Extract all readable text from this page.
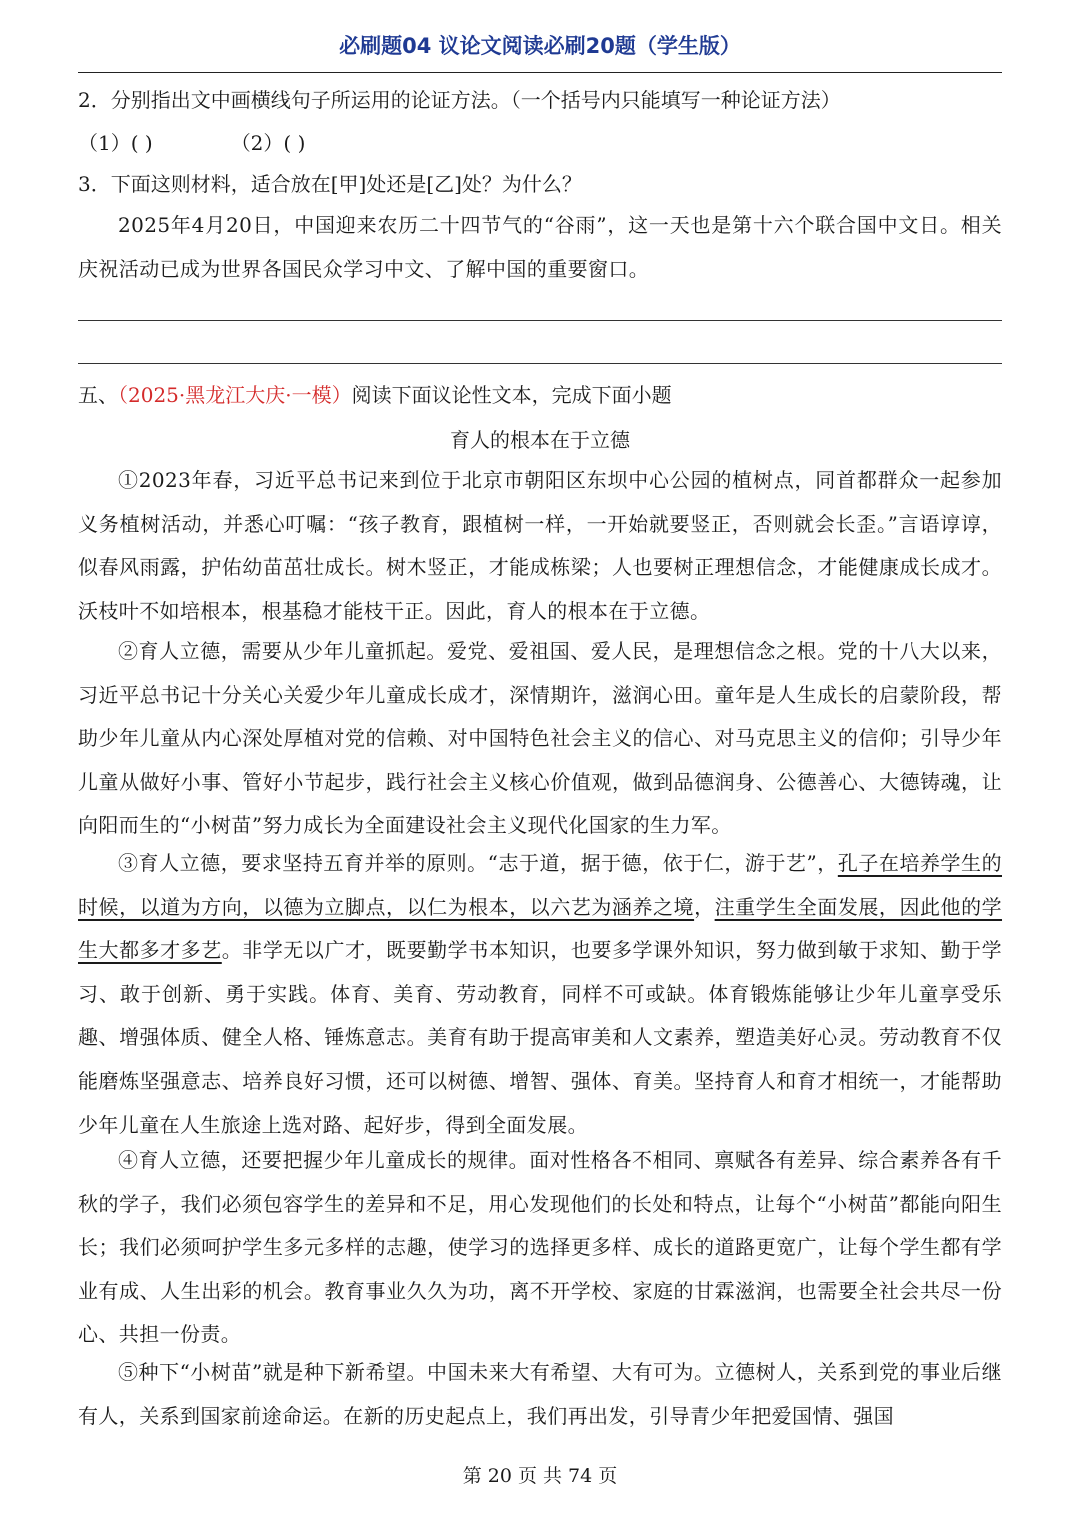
必刷题04 议论文阅读必刷20题（学生版）
2．分别指出文中画横线句子所运用的论证方法。（一个括号内只能填写一种论证方法）
（1）( )	（2）( )
3．下面这则材料，适合放在[甲]处还是[乙]处？为什么？
2025年4月20日，中国迎来农历二十四节气的“谷雨”，这一天也是第十六个联合国中文日。相关庆祝活动已成为世界各国民众学习中文、了解中国的重要窗口。
五、（2025·黑龙江大庆·一模）阅读下面议论性文本，完成下面小题
育人的根本在于立德
①2023年春，习近平总书记来到位于北京市朝阳区东坝中心公园的植树点，同首都群众一起参加义务植树活动，并悉心叮嘱：“孩子教育，跟植树一样，一开始就要竖正，否则就会长歪。”言语谆谆，似春风雨露，护佑幼苗茁壮成长。树木竖正，才能成栋梁；人也要树正理想信念，才能健康成长成才。沃枝叶不如培根本，根基稳才能枝干正。因此，育人的根本在于立德。
②育人立德，需要从少年儿童抓起。爱党、爱祖国、爱人民，是理想信念之根。党的十八大以来，习近平总书记十分关心关爱少年儿童成长成才，深情期许，滋润心田。童年是人生成长的启蒙阶段，帮助少年儿童从内心深处厚植对党的信赖、对中国特色社会主义的信心、对马克思主义的信仰；引导少年儿童从做好小事、管好小节起步，践行社会主义核心价值观，做到品德润身、公德善心、大德铸魂，让向阳而生的“小树苗”努力成长为全面建设社会主义现代化国家的生力军。
③育人立德，要求坚持五育并举的原则。“志于道，据于德，依于仁，游于艺”，孔子在培养学生的时候，以道为方向，以德为立脚点，以仁为根本，以六艺为涵养之境，注重学生全面发展，因此他的学生大都多才多艺。非学无以广才，既要勤学书本知识，也要多学课外知识，努力做到敏于求知、勤于学习、敢于创新、勇于实践。体育、美育、劳动教育，同样不可或缺。体育锻炼能够让少年儿童享受乐趣、增强体质、健全人格、锤炼意志。美育有助于提高审美和人文素养，塑造美好心灵。劳动教育不仅能磨炼坚强意志、培养良好习惯，还可以树德、增智、强体、育美。坚持育人和育才相统一，才能帮助少年儿童在人生旅途上选对路、起好步，得到全面发展。
④育人立德，还要把握少年儿童成长的规律。面对性格各不相同、禀赋各有差异、综合素养各有千秋的学子，我们必须包容学生的差异和不足，用心发现他们的长处和特点，让每个“小树苗”都能向阳生长；我们必须呵护学生多元多样的志趣，使学习的选择更多样、成长的道路更宽广，让每个学生都有学业有成、人生出彩的机会。教育事业久久为功，离不开学校、家庭的甘霖滋润，也需要全社会共尽一份心、共担一份责。
⑤种下“小树苗”就是种下新希望。中国未来大有希望、大有可为。立德树人，关系到党的事业后继有人，关系到国家前途命运。在新的历史起点上，我们再出发，引导青少年把爱国情、强国
第 20 页 共 74 页
